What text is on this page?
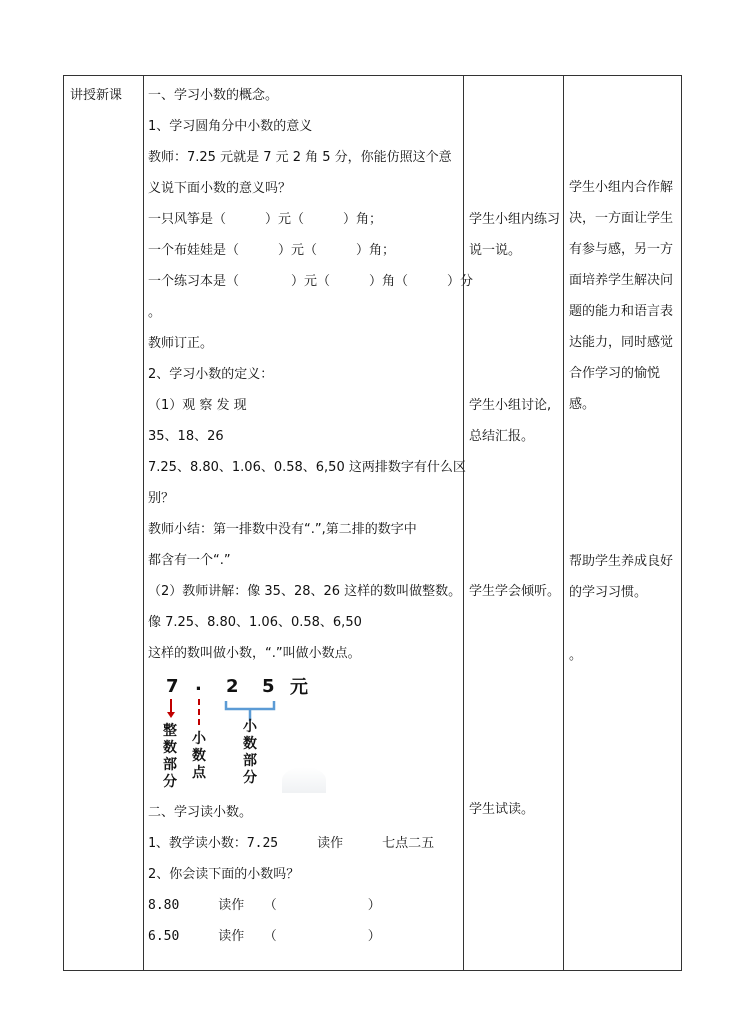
讲授新课	一、学习小数的概念。
1、学习圆角分中小数的意义
教师：7.25 元就是 7 元 2 角 5 分，你能仿照这个意
义说下面小数的意义吗？
一只风筝是（　　　）元（　　　）角；
一个布娃娃是（　　　）元（　　　）角；
一个练习本是（　　　　）元（　　　）角（　　　）分
。
教师订正。
2、学习小数的定义：
（1）观 察 发 现
35、18、26
7.25、8.80、1.06、0.58、6,50 这两排数字有什么区
别？
教师小结：第一排数中没有“.”,第二排的数字中
都含有一个“.”
（2）教师讲解：像 35、28、26 这样的数叫做整数。
像 7.25、8.80、1.06、0.58、6,50
这样的数叫做小数，“.”叫做小数点。
7 . 2 5 元
整
数
部
分
小
数
点
小
数
部
分
二、学习读小数。
1、教学读小数：7.25　　　读作　　　七点二五
2、你会读下面的小数吗？
8.80　　　读作　　（　　　　　　　）
6.50　　　读作　　（　　　　　　　）
学生小组内练习说一说。
学生小组讨论,总结汇报。
学生学会倾听。
学生试读。
学生小组内合作解决，一方面让学生有参与感，另一方面培养学生解决问题的能力和语言表达能力，同时感觉合作学习的愉悦感。
帮助学生养成良好的学习习惯。
。
